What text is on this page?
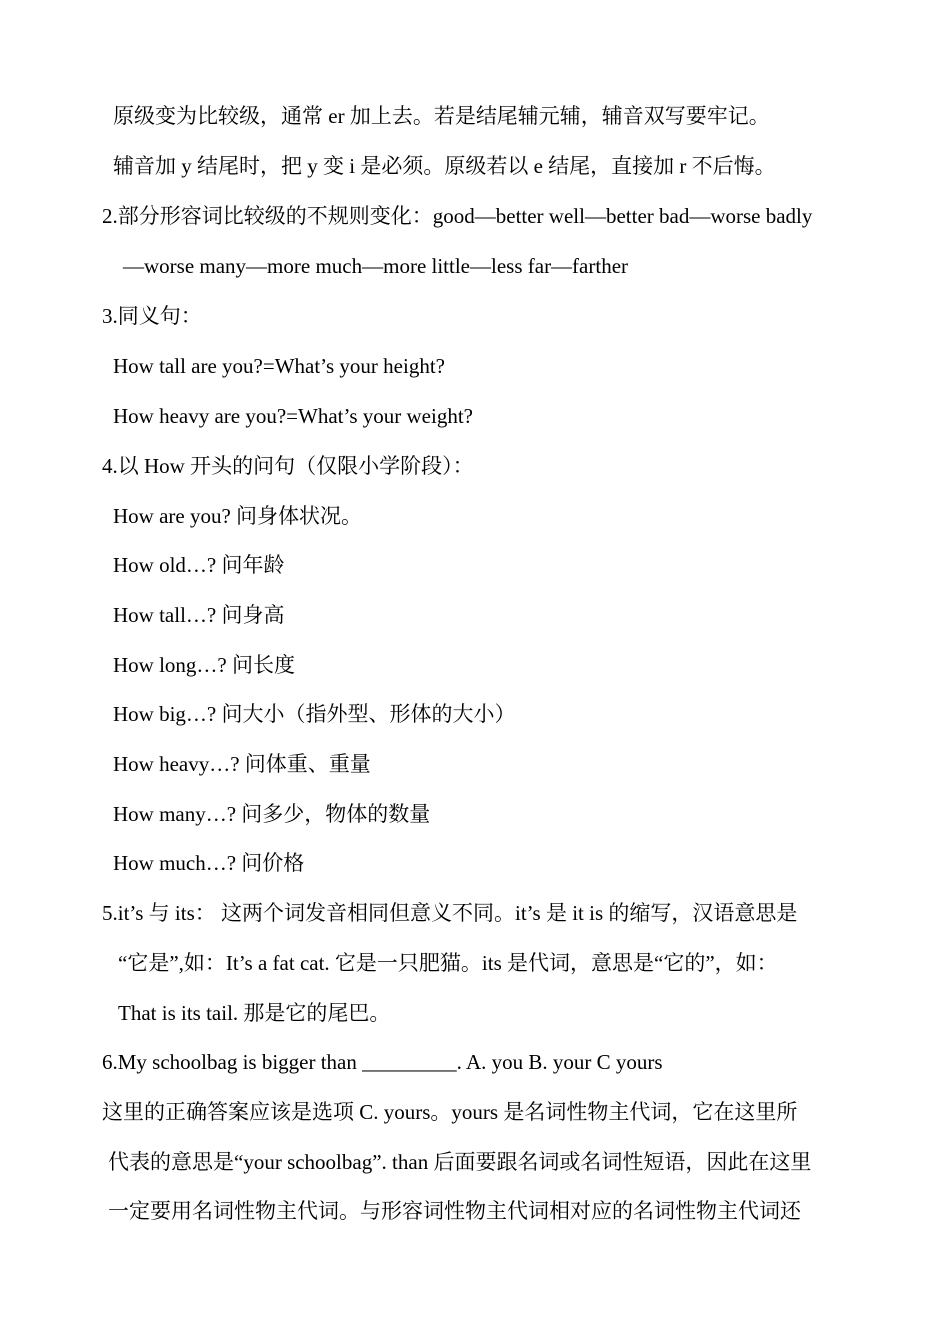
原级变为比较级，通常 er 加上去。若是结尾辅元辅，辅音双写要牢记。

辅音加 y 结尾时，把 y 变 i 是必须。原级若以 e 结尾，直接加 r 不后悔。

2.部分形容词比较级的不规则变化：good—better well—better bad—worse badly

—worse many—more much—more little—less far—farther

3.同义句：

How tall are you?=What’s your height?

How heavy are you?=What’s your weight?

4.以 How 开头的问句（仅限小学阶段）：

How are you? 问身体状况。

How old…? 问年龄

How tall…? 问身高

How long…? 问长度

How big…? 问大小（指外型、形体的大小）

How heavy…? 问体重、重量

How many…? 问多少，物体的数量

How much…? 问价格

5.it’s 与 its： 这两个词发音相同但意义不同。it’s 是 it is 的缩写，汉语意思是

“它是”,如：It’s a fat cat. 它是一只肥猫。its 是代词，意思是“它的”，如：

That is its tail. 那是它的尾巴。

6.My schoolbag is bigger than _________. A. you B. your C yours

这里的正确答案应该是选项 C. yours。yours 是名词性物主代词，它在这里所

代表的意思是“your schoolbag”. than 后面要跟名词或名词性短语，因此在这里

一定要用名词性物主代词。与形容词性物主代词相对应的名词性物主代词还
